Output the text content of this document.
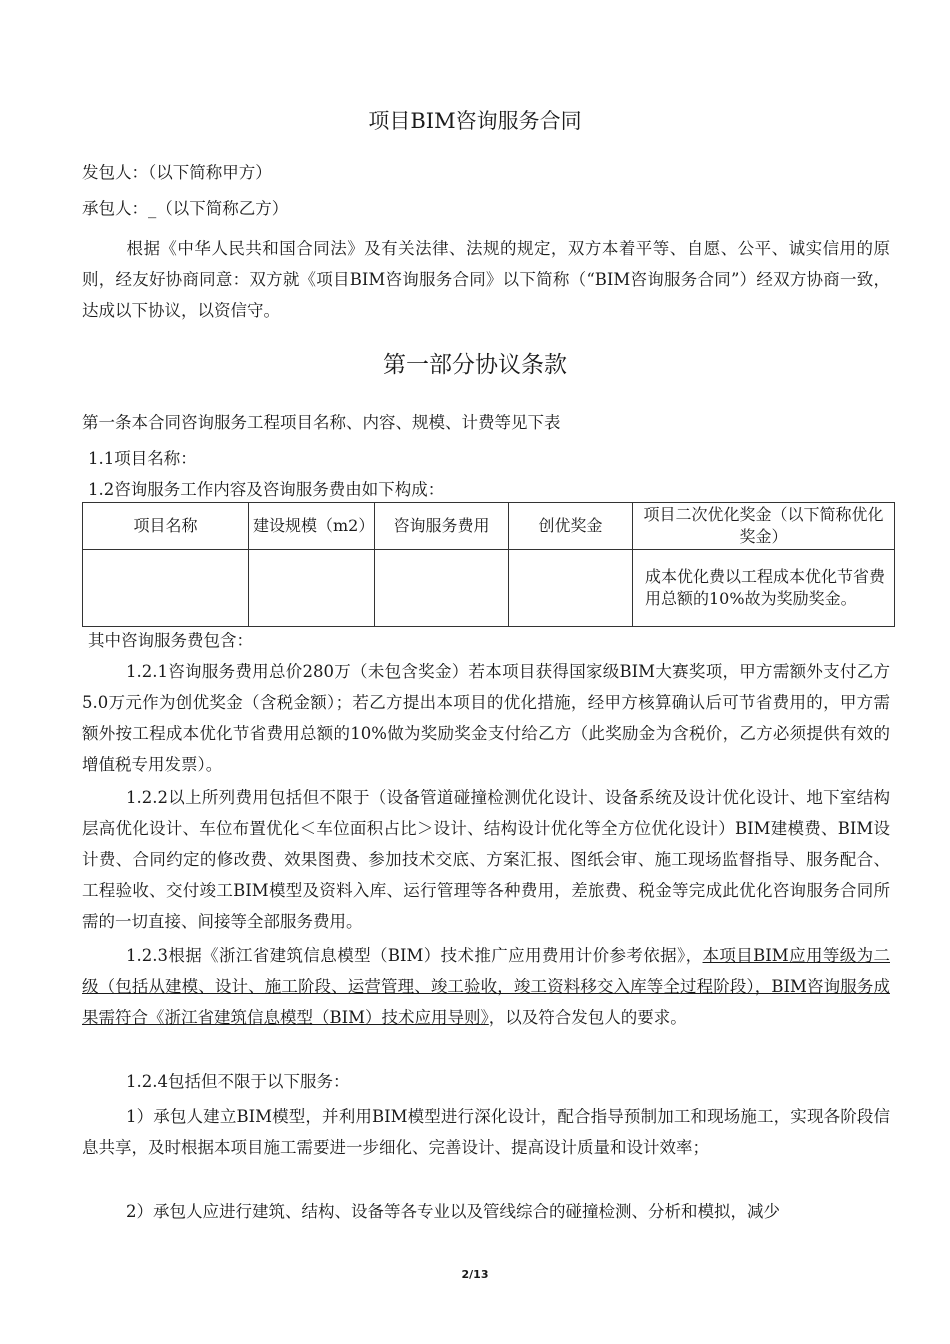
项目BIM咨询服务合同
发包人：（以下简称甲方）
承包人：_（以下简称乙方）
根据《中华人民共和国合同法》及有关法律、法规的规定，双方本着平等、自愿、公平、诚实信用的原则，经友好协商同意：双方就《项目BIM咨询服务合同》以下简称（“BIM咨询服务合同”）经双方协商一致，达成以下协议，以资信守。
第一部分协议条款
第一条本合同咨询服务工程项目名称、内容、规模、计费等见下表
1.1项目名称：
1.2咨询服务工作内容及咨询服务费由如下构成：
项目名称	建设规模（m2）	咨询服务费用	创优奖金	项目二次优化奖金（以下简称优化奖金）
				成本优化费以工程成本优化节省费用总额的10%故为奖励奖金。
其中咨询服务费包含：
1.2.1咨询服务费用总价280万（未包含奖金）若本项目获得国家级BIM大赛奖项，甲方需额外支付乙方5.0万元作为创优奖金（含税金额）；若乙方提出本项目的优化措施，经甲方核算确认后可节省费用的，甲方需额外按工程成本优化节省费用总额的10%做为奖励奖金支付给乙方（此奖励金为含税价，乙方必须提供有效的增值税专用发票）。
1.2.2以上所列费用包括但不限于（设备管道碰撞检测优化设计、设备系统及设计优化设计、地下室结构层高优化设计、车位布置优化＜车位面积占比＞设计、结构设计优化等全方位优化设计）BIM建模费、BIM设计费、合同约定的修改费、效果图费、参加技术交底、方案汇报、图纸会审、施工现场监督指导、服务配合、工程验收、交付竣工BIM模型及资料入库、运行管理等各种费用，差旅费、税金等完成此优化咨询服务合同所需的一切直接、间接等全部服务费用。
1.2.3根据《浙江省建筑信息模型（BIM）技术推广应用费用计价参考依据》，本项目BIM应用等级为二级（包括从建模、设计、施工阶段、运营管理、竣工验收，竣工资料移交入库等全过程阶段），BIM咨询服务成果需符合《浙江省建筑信息模型（BIM）技术应用导则》，以及符合发包人的要求。
1.2.4包括但不限于以下服务：
1）承包人建立BIM模型，并利用BIM模型进行深化设计，配合指导预制加工和现场施工，实现各阶段信息共享，及时根据本项目施工需要进一步细化、完善设计、提高设计质量和设计效率；
2）承包人应进行建筑、结构、设备等各专业以及管线综合的碰撞检测、分析和模拟，减少
2/13
